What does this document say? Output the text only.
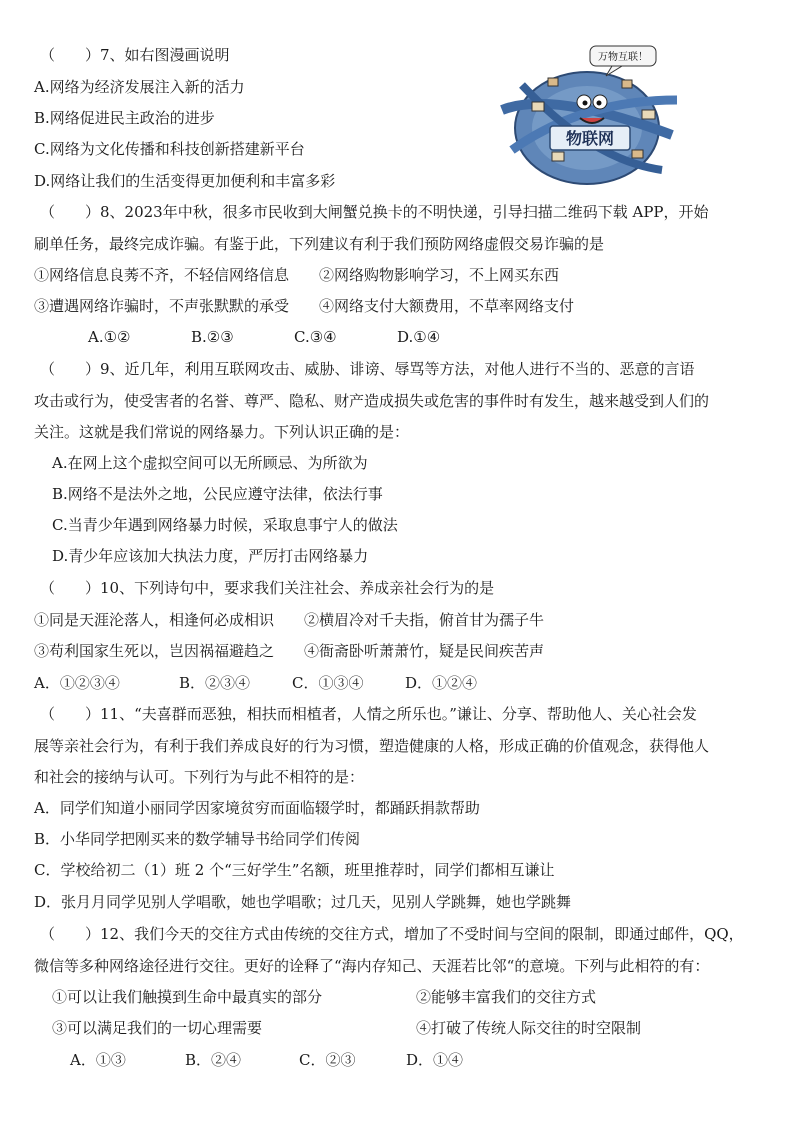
（　　）7、如右图漫画说明
A.网络为经济发展注入新的活力
B.网络促进民主政治的进步
C.网络为文化传播和科技创新搭建新平台
D.网络让我们的生活变得更加便利和丰富多彩
万物互联！
物联网
（　　）8、2023年中秋，很多市民收到大闸蟹兑换卡的不明快递，引导扫描二维码下载 APP，开始
刷单任务，最终完成诈骗。有鉴于此，下列建议有利于我们预防网络虚假交易诈骗的是
①网络信息良莠不齐，不轻信网络信息　　②网络购物影响学习，不上网买东西
③遭遇网络诈骗时，不声张默默的承受　　④网络支付大额费用，不草率网络支付
A.①②	B.②③	C.③④	D.①④
（　　）9、近几年，利用互联网攻击、威胁、诽谤、辱骂等方法，对他人进行不当的、恶意的言语
攻击或行为，使受害者的名誉、尊严、隐私、财产造成损失或危害的事件时有发生，越来越受到人们的
关注。这就是我们常说的网络暴力。下列认识正确的是：
A.在网上这个虚拟空间可以无所顾忌、为所欲为
B.网络不是法外之地，公民应遵守法律，依法行事
C.当青少年遇到网络暴力时候，采取息事宁人的做法
D.青少年应该加大执法力度，严厉打击网络暴力
（　　）10、下列诗句中，要求我们关注社会、养成亲社会行为的是
①同是天涯沦落人，相逢何必成相识　　②横眉冷对千夫指，俯首甘为孺子牛
③苟利国家生死以，岂因祸福避趋之　　④衙斋卧听萧萧竹，疑是民间疾苦声
A．①②③④	B．②③④	C．①③④	D．①②④
（　　）11、“夫喜群而恶独，相扶而相植者，人情之所乐也。”谦让、分享、帮助他人、关心社会发
展等亲社会行为，有利于我们养成良好的行为习惯，塑造健康的人格，形成正确的价值观念，获得他人
和社会的接纳与认可。下列行为与此不相符的是：
A．同学们知道小丽同学因家境贫穷而面临辍学时，都踊跃捐款帮助
B．小华同学把刚买来的数学辅导书给同学们传阅
C．学校给初二（1）班 2 个“三好学生”名额，班里推荐时，同学们都相互谦让
D．张月月同学见别人学唱歌，她也学唱歌；过几天，见别人学跳舞，她也学跳舞
（　　）12、我们今天的交往方式由传统的交往方式，增加了不受时间与空间的限制，即通过邮件，QQ，
微信等多种网络途径进行交往。更好的诠释了“海内存知己、天涯若比邻“的意境。下列与此相符的有：
①可以让我们触摸到生命中最真实的部分	②能够丰富我们的交往方式
③可以满足我们的一切心理需要	④打破了传统人际交往的时空限制
A．①③	B．②④	C．②③	D．①④
